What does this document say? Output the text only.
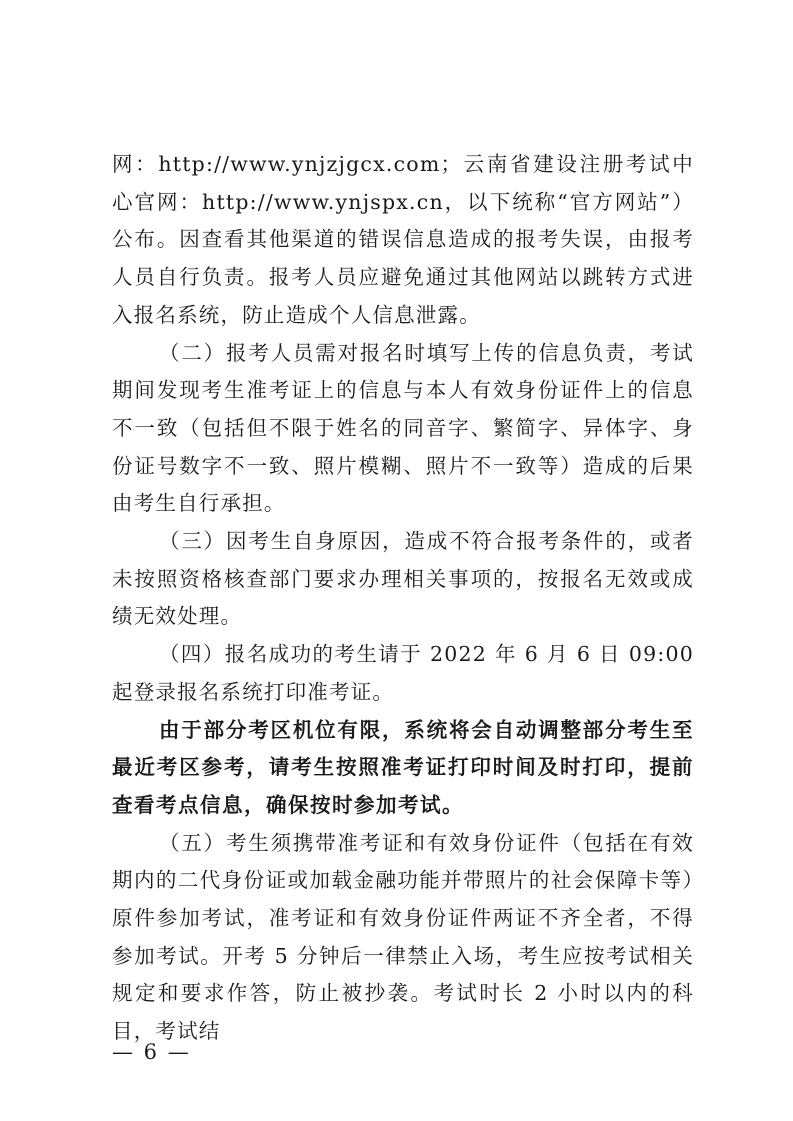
网：http://www.ynjzjgcx.com；云南省建设注册考试中心官网：http://www.ynjspx.cn，以下统称“官方网站”）公布。因查看其他渠道的错误信息造成的报考失误，由报考人员自行负责。报考人员应避免通过其他网站以跳转方式进入报名系统，防止造成个人信息泄露。

（二）报考人员需对报名时填写上传的信息负责，考试期间发现考生准考证上的信息与本人有效身份证件上的信息不一致（包括但不限于姓名的同音字、繁简字、异体字、身份证号数字不一致、照片模糊、照片不一致等）造成的后果由考生自行承担。

（三）因考生自身原因，造成不符合报考条件的，或者未按照资格核查部门要求办理相关事项的，按报名无效或成绩无效处理。

（四）报名成功的考生请于 2022 年 6 月 6 日 09:00 起登录报名系统打印准考证。

由于部分考区机位有限，系统将会自动调整部分考生至最近考区参考，请考生按照准考证打印时间及时打印，提前查看考点信息，确保按时参加考试。

（五）考生须携带准考证和有效身份证件（包括在有效期内的二代身份证或加载金融功能并带照片的社会保障卡等）原件参加考试，准考证和有效身份证件两证不齐全者，不得参加考试。开考 5 分钟后一律禁止入场，考生应按考试相关规定和要求作答，防止被抄袭。考试时长 2 小时以内的科目，考试结

— 6 —
